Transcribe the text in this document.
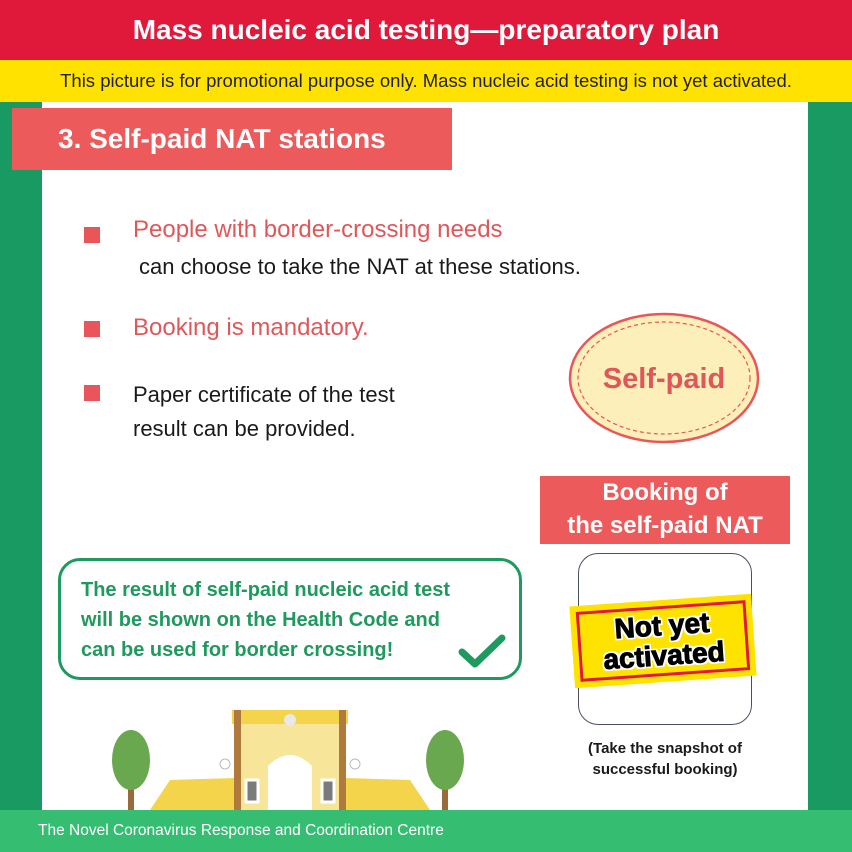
Mass nucleic acid testing—preparatory plan
This picture is for promotional purpose only. Mass nucleic acid testing is not yet activated.
3. Self-paid NAT stations
People with border-crossing needs
can choose to take the NAT at these stations.
Booking is mandatory.
Paper certificate of the test
result can be provided.
Self-paid
Booking of
the self-paid NAT
Not yet
activated
(Take the snapshot of
successful booking)
The result of self-paid nucleic acid test
will be shown on the Health Code and
can be used for border crossing!
The Novel Coronavirus Response and Coordination Centre
